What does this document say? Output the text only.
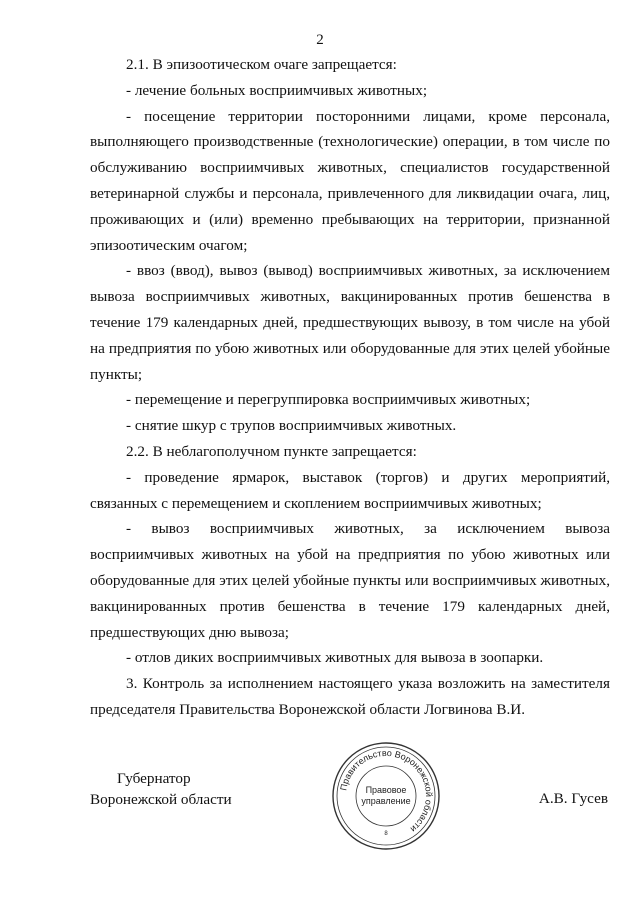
2

2.1. В эпизоотическом очаге запрещается:

- лечение больных восприимчивых животных;

- посещение территории посторонними лицами, кроме персонала, выполняющего производственные (технологические) операции, в том числе по обслуживанию восприимчивых животных, специалистов государственной ветеринарной службы и персонала, привлеченного для ликвидации очага, лиц, проживающих и (или) временно пребывающих на территории, признанной эпизоотическим очагом;

- ввоз (ввод), вывоз (вывод) восприимчивых животных, за исключением вывоза восприимчивых животных, вакцинированных против бешенства в течение 179 календарных дней, предшествующих вывозу, в том числе на убой на предприятия по убою животных или оборудованные для этих целей убойные пункты;

- перемещение и перегруппировка восприимчивых животных;

- снятие шкур с трупов восприимчивых животных.

2.2. В неблагополучном пункте запрещается:

- проведение ярмарок, выставок (торгов) и других мероприятий, связанных с перемещением и скоплением восприимчивых животных;

- вывоз восприимчивых животных, за исключением вывоза восприимчивых животных на убой на предприятия по убою животных или оборудованные для этих целей убойные пункты или восприимчивых животных, вакцинированных против бешенства в течение 179 календарных дней, предшествующих дню вывоза;

- отлов диких восприимчивых животных для вывоза в зоопарки.

3. Контроль за исполнением настоящего указа возложить на заместителя председателя Правительства Воронежской области Логвинова В.И.

Губернатор
Воронежской области
Правительство Воронежской области
Правовое
управление
8
А.В. Гусев
